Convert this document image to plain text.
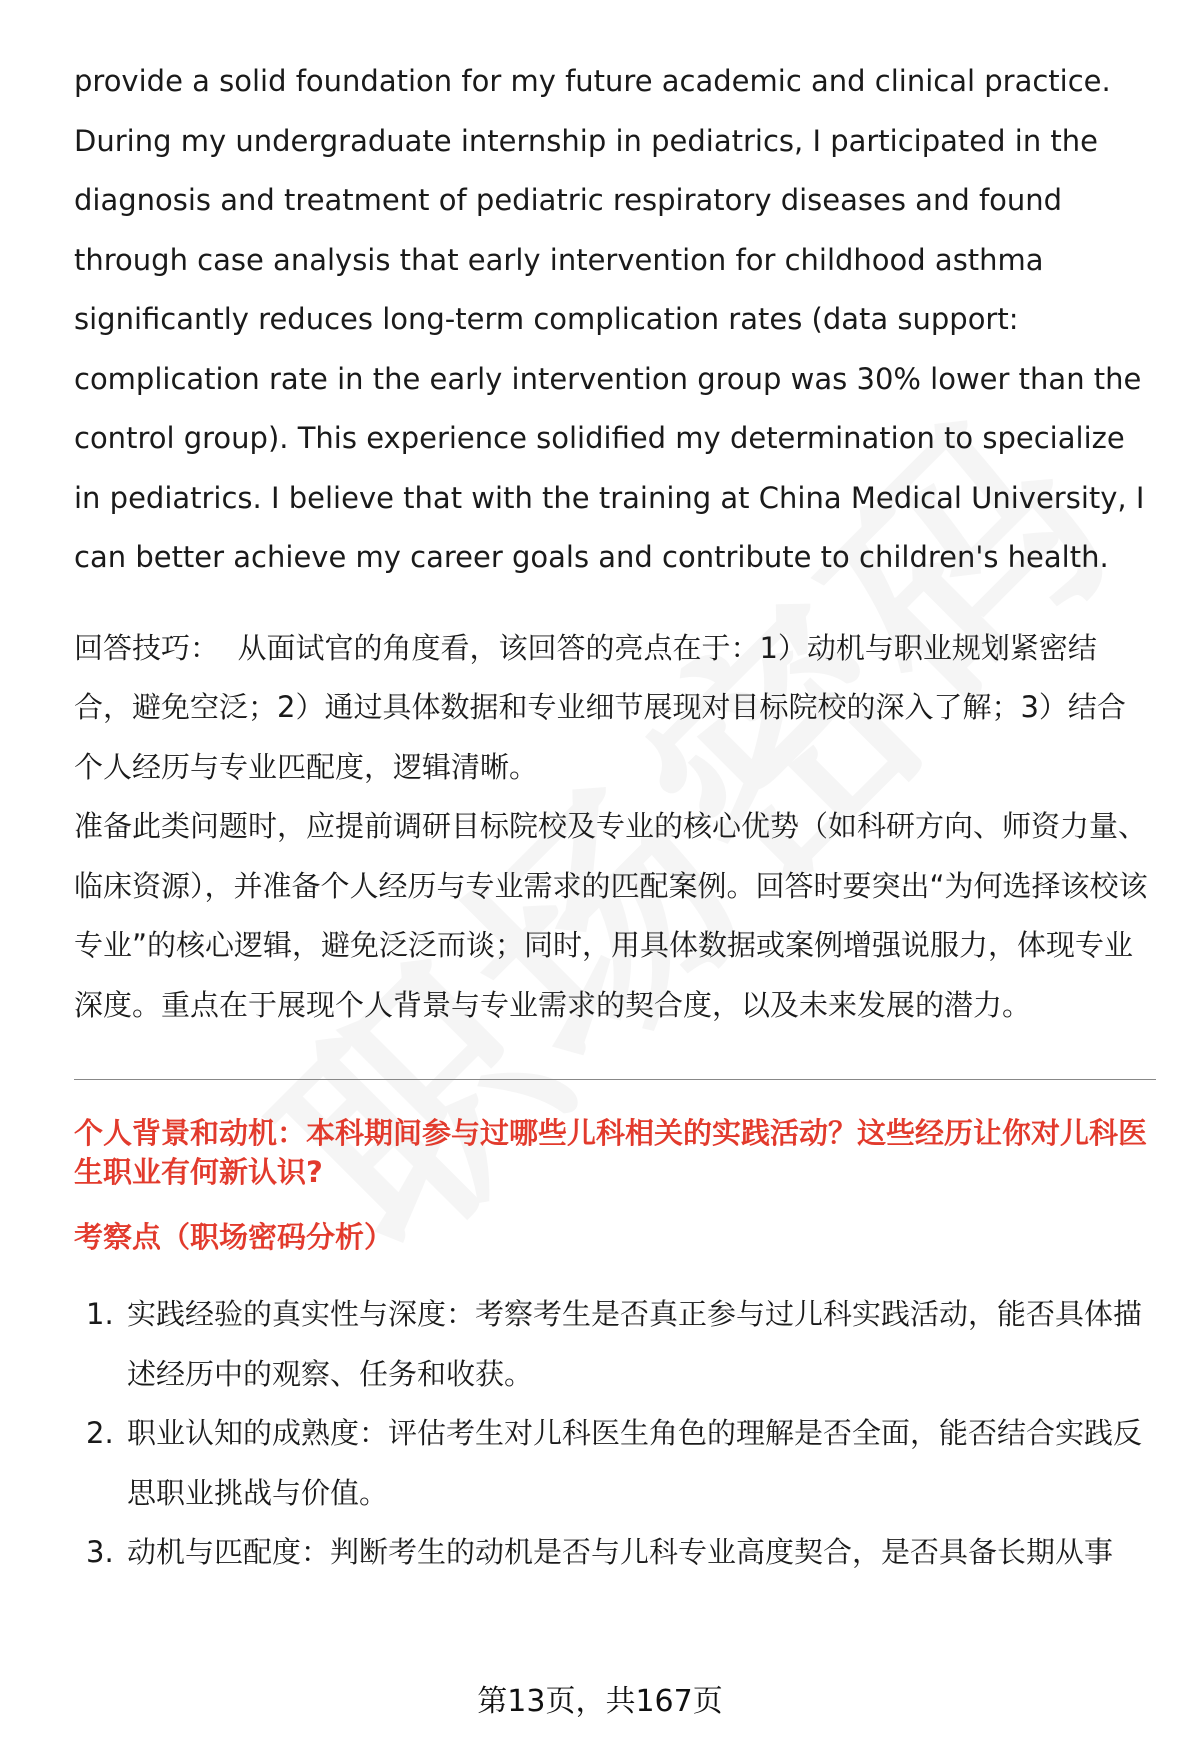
provide a solid foundation for my future academic and clinical practice. During my undergraduate internship in pediatrics, I participated in the diagnosis and treatment of pediatric respiratory diseases and found through case analysis that early intervention for childhood asthma significantly reduces long-term complication rates (data support: complication rate in the early intervention group was 30% lower than the control group). This experience solidified my determination to specialize in pediatrics. I believe that with the training at China Medical University, I can better achieve my career goals and contribute to children's health.

回答技巧： 从面试官的角度看，该回答的亮点在于：1）动机与职业规划紧密结合，避免空泛；2）通过具体数据和专业细节展现对目标院校的深入了解；3）结合个人经历与专业匹配度，逻辑清晰。

准备此类问题时，应提前调研目标院校及专业的核心优势（如科研方向、师资力量、临床资源），并准备个人经历与专业需求的匹配案例。回答时要突出“为何选择该校该专业”的核心逻辑，避免泛泛而谈；同时，用具体数据或案例增强说服力，体现专业深度。重点在于展现个人背景与专业需求的契合度，以及未来发展的潜力。

个人背景和动机：本科期间参与过哪些儿科相关的实践活动？这些经历让你对儿科医生职业有何新认识?
考察点（职场密码分析）
1. 实践经验的真实性与深度：考察考生是否真正参与过儿科实践活动，能否具体描述经历中的观察、任务和收获。
2. 职业认知的成熟度：评估考生对儿科医生角色的理解是否全面，能否结合实践反思职业挑战与价值。
3. 动机与匹配度：判断考生的动机是否与儿科专业高度契合，是否具备长期从事
第13页，共167页
